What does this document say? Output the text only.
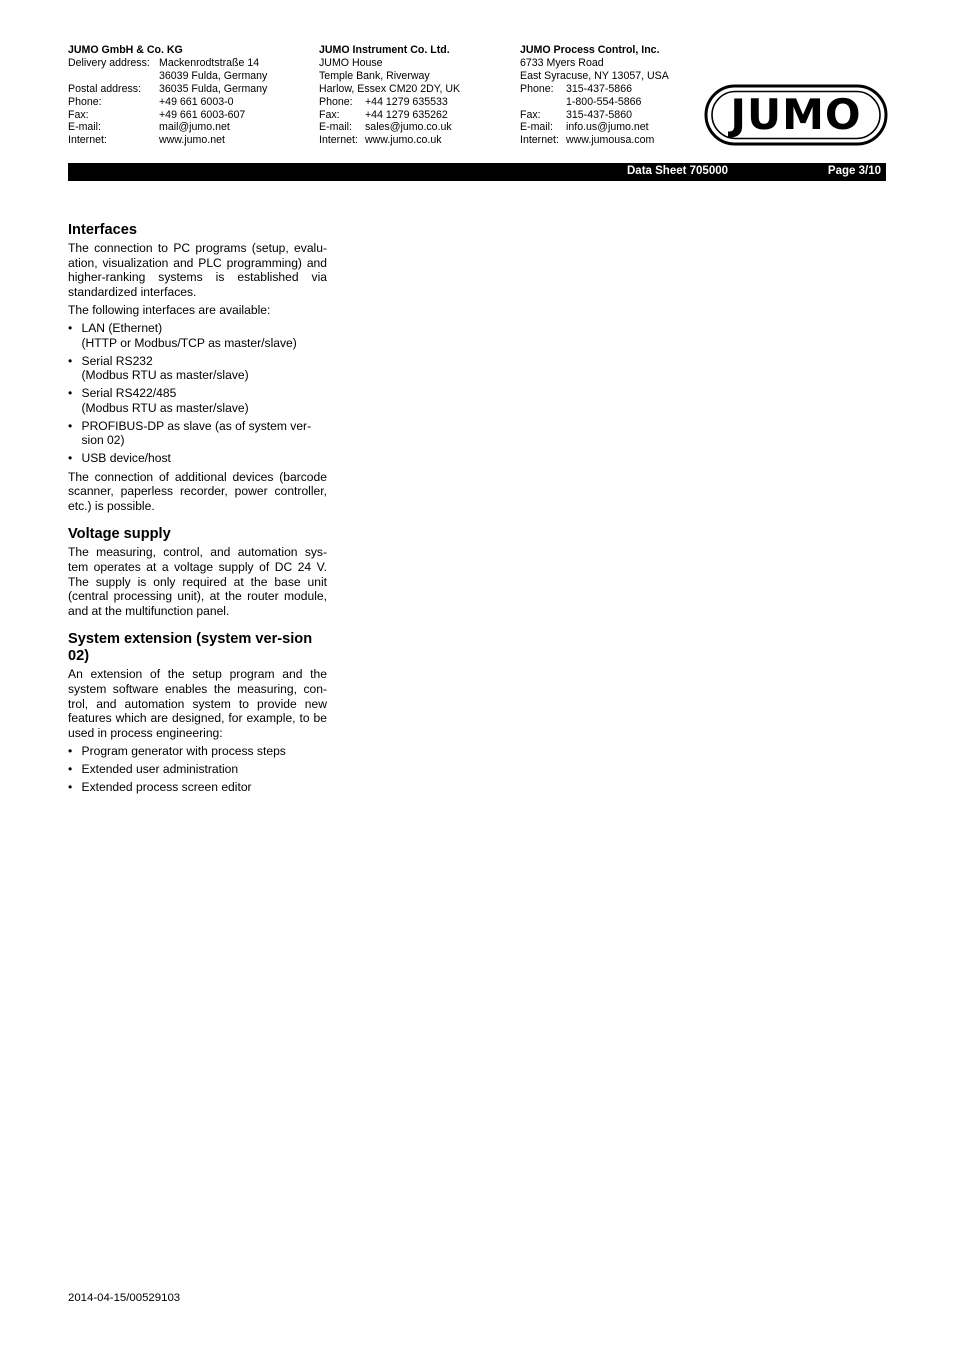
JUMO GmbH & Co. KG
Delivery address: Mackenrodtstraße 14
36039 Fulda, Germany
Postal address:	36035 Fulda, Germany
Phone:	+49 661 6003-0
Fax:	+49 661 6003-607
E-mail:	mail@jumo.net
Internet:	www.jumo.net
JUMO Instrument Co. Ltd.
JUMO House
Temple Bank, Riverway
Harlow, Essex CM20 2DY, UK
Phone:	+44 1279 635533
Fax:	+44 1279 635262
E-mail:	sales@jumo.co.uk
Internet: www.jumo.co.uk
JUMO Process Control, Inc.
6733 Myers Road
East Syracuse, NY 13057, USA
Phone:	315-437-5866
1-800-554-5866
Fax:	315-437-5860
E-mail:	info.us@jumo.net
Internet: www.jumousa.com
JUMO
Data Sheet 705000	Page 3/10
Interfaces

The connection to PC programs (setup, evalu-ation, visualization and PLC programming) and higher-ranking systems is established via standardized interfaces.

The following interfaces are available:

• LAN (Ethernet)
(HTTP or Modbus/TCP as master/slave)
• Serial RS232
(Modbus RTU as master/slave)
• Serial RS422/485
(Modbus RTU as master/slave)
• PROFIBUS-DP as slave (as of system ver-sion 02)
• USB device/host

The connection of additional devices (barcode scanner, paperless recorder, power controller, etc.) is possible.

Voltage supply

The measuring, control, and automation sys-tem operates at a voltage supply of DC 24 V. The supply is only required at the base unit (central processing unit), at the router module, and at the multifunction panel.

System extension (system ver-sion 02)

An extension of the setup program and the system software enables the measuring, con-trol, and automation system to provide new features which are designed, for example, to be used in process engineering:

• Program generator with process steps
• Extended user administration
• Extended process screen editor
2014-04-15/00529103
